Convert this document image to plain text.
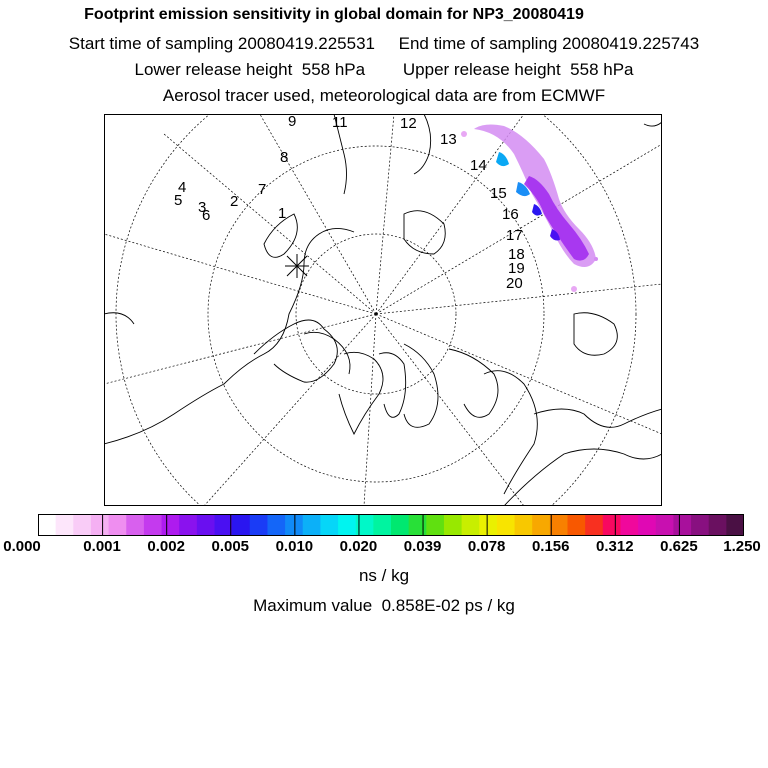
Footprint emission sensitivity in global domain for NP3_20080419
Start time of sampling 20080419.225531     End time of sampling 20080419.225743
Lower release height  558 hPa        Upper release height  558 hPa
Aerosol tracer used, meteorological data are from ECMWF
1
2
3
4
5
6
7
8
9 11	12
13
14
15
16
17
18
19
20
0.000	0.001 0.002 0.005 0.010 0.020 0.039 0.078 0.156 0.312 0.625 1.250
ns / kg
Maximum value  0.858E-02 ps / kg
